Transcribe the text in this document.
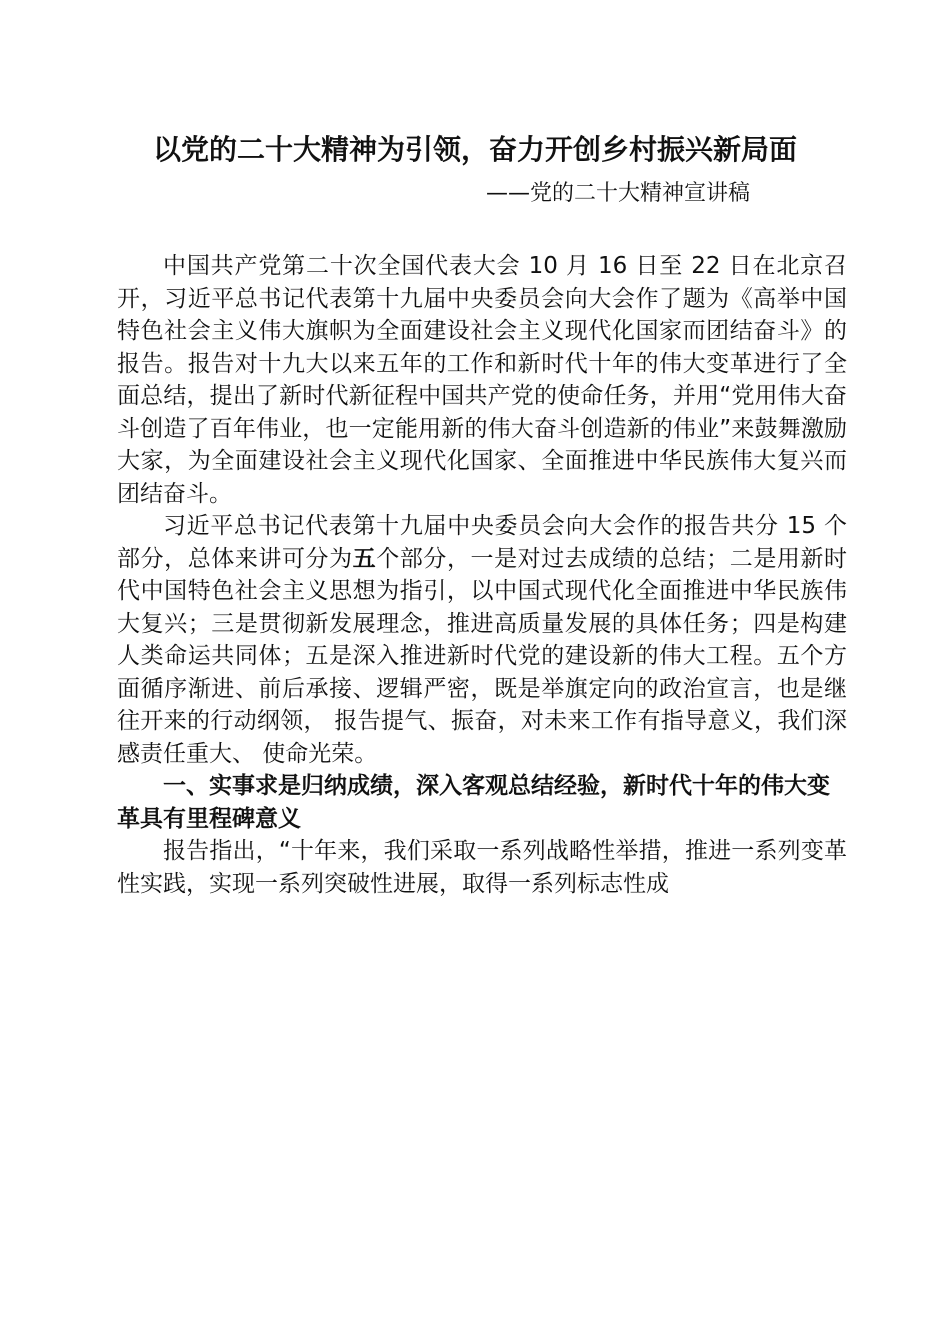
以党的二十大精神为引领，奋力开创乡村振兴新局面
——党的二十大精神宣讲稿

中国共产党第二十次全国代表大会 10 月 16 日至 22 日在北京召开，习近平总书记代表第十九届中央委员会向大会作了题为《高举中国特色社会主义伟大旗帜为全面建设社会主义现代化国家而团结奋斗》的报告。报告对十九大以来五年的工作和新时代十年的伟大变革进行了全面总结，提出了新时代新征程中国共产党的使命任务，并用“党用伟大奋斗创造了百年伟业，也一定能用新的伟大奋斗创造新的伟业”来鼓舞激励大家，为全面建设社会主义现代化国家、全面推进中华民族伟大复兴而团结奋斗。

习近平总书记代表第十九届中央委员会向大会作的报告共分 15 个部分，总体来讲可分为五个部分，一是对过去成绩的总结；二是用新时代中国特色社会主义思想为指引，以中国式现代化全面推进中华民族伟大复兴；三是贯彻新发展理念，推进高质量发展的具体任务；四是构建人类命运共同体；五是深入推进新时代党的建设新的伟大工程。五个方面循序渐进、前后承接、逻辑严密，既是举旗定向的政治宣言，也是继往开来的行动纲领， 报告提气、振奋，对未来工作有指导意义，我们深感责任重大、 使命光荣。

一、实事求是归纳成绩，深入客观总结经验，新时代十年的伟大变革具有里程碑意义

报告指出，“十年来，我们采取一系列战略性举措，推进一系列变革性实践，实现一系列突破性进展，取得一系列标志性成
